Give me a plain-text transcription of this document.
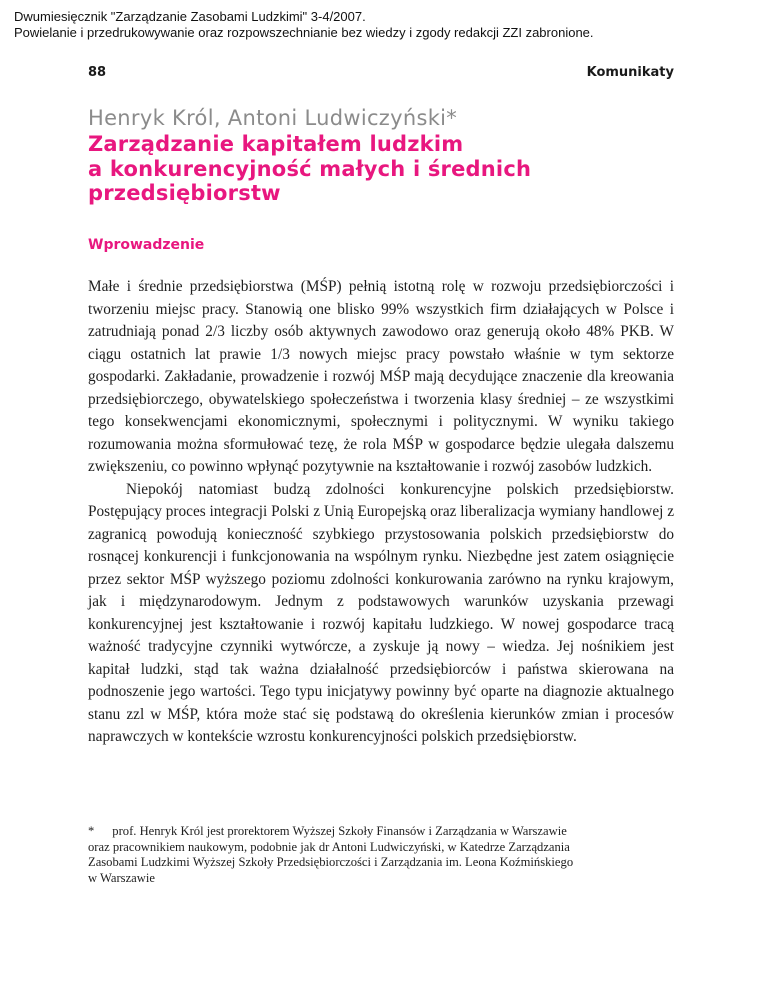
Dwumiesięcznik "Zarządzanie Zasobami Ludzkimi" 3-4/2007.
Powielanie i przedrukowywanie oraz rozpowszechnianie bez wiedzy i zgody redakcji ZZI zabronione.
88	Komunikaty
Henryk Król, Antoni Ludwiczyński*
Zarządzanie kapitałem ludzkim
a konkurencyjność małych i średnich
przedsiębiorstw
Wprowadzenie

Małe i średnie przedsiębiorstwa (MŚP) pełnią istotną rolę w rozwoju przedsiębiorczości i tworzeniu miejsc pracy. Stanowią one blisko 99% wszystkich firm działających w Polsce i zatrudniają ponad 2/3 liczby osób aktywnych zawodowo oraz generują około 48% PKB. W ciągu ostatnich lat prawie 1/3 nowych miejsc pracy powstało właśnie w tym sektorze gospodarki. Zakładanie, prowadzenie i rozwój MŚP mają decydujące znaczenie dla kreowania przedsiębiorczego, obywatelskiego społeczeństwa i tworzenia klasy średniej – ze wszystkimi tego konsekwencjami ekonomicznymi, społecznymi i politycznymi. W wyniku takiego rozumowania można sformułować tezę, że rola MŚP w gospodarce będzie ulegała dalszemu zwiększeniu, co powinno wpłynąć pozytywnie na kształtowanie i rozwój zasobów ludzkich.

Niepokój natomiast budzą zdolności konkurencyjne polskich przedsiębiorstw. Postępujący proces integracji Polski z Unią Europejską oraz liberalizacja wymiany handlowej z zagranicą powodują konieczność szybkiego przystosowania polskich przedsiębiorstw do rosnącej konkurencji i funkcjonowania na wspólnym rynku. Niezbędne jest zatem osiągnięcie przez sektor MŚP wyższego poziomu zdolności konkurowania zarówno na rynku krajowym, jak i międzynarodowym. Jednym z podstawowych warunków uzyskania przewagi konkurencyjnej jest kształtowanie i rozwój kapitału ludzkiego. W nowej gospodarce tracą ważność tradycyjne czynniki wytwórcze, a zyskuje ją nowy – wiedza. Jej nośnikiem jest kapitał ludzki, stąd tak ważna działalność przedsiębiorców i państwa skierowana na podnoszenie jego wartości. Tego typu inicjatywy powinny być oparte na diagnozie aktualnego stanu zzl w MŚP, która może stać się podstawą do określenia kierunków zmian i procesów naprawczych w kontekście wzrostu konkurencyjności polskich przedsiębiorstw.

* prof. Henryk Król jest prorektorem Wyższej Szkoły Finansów i Zarządzania w Warszawie
oraz pracownikiem naukowym, podobnie jak dr Antoni Ludwiczyński, w Katedrze Zarządzania
Zasobami Ludzkimi Wyższej Szkoły Przedsiębiorczości i Zarządzania im. Leona Koźmińskiego
w Warszawie
